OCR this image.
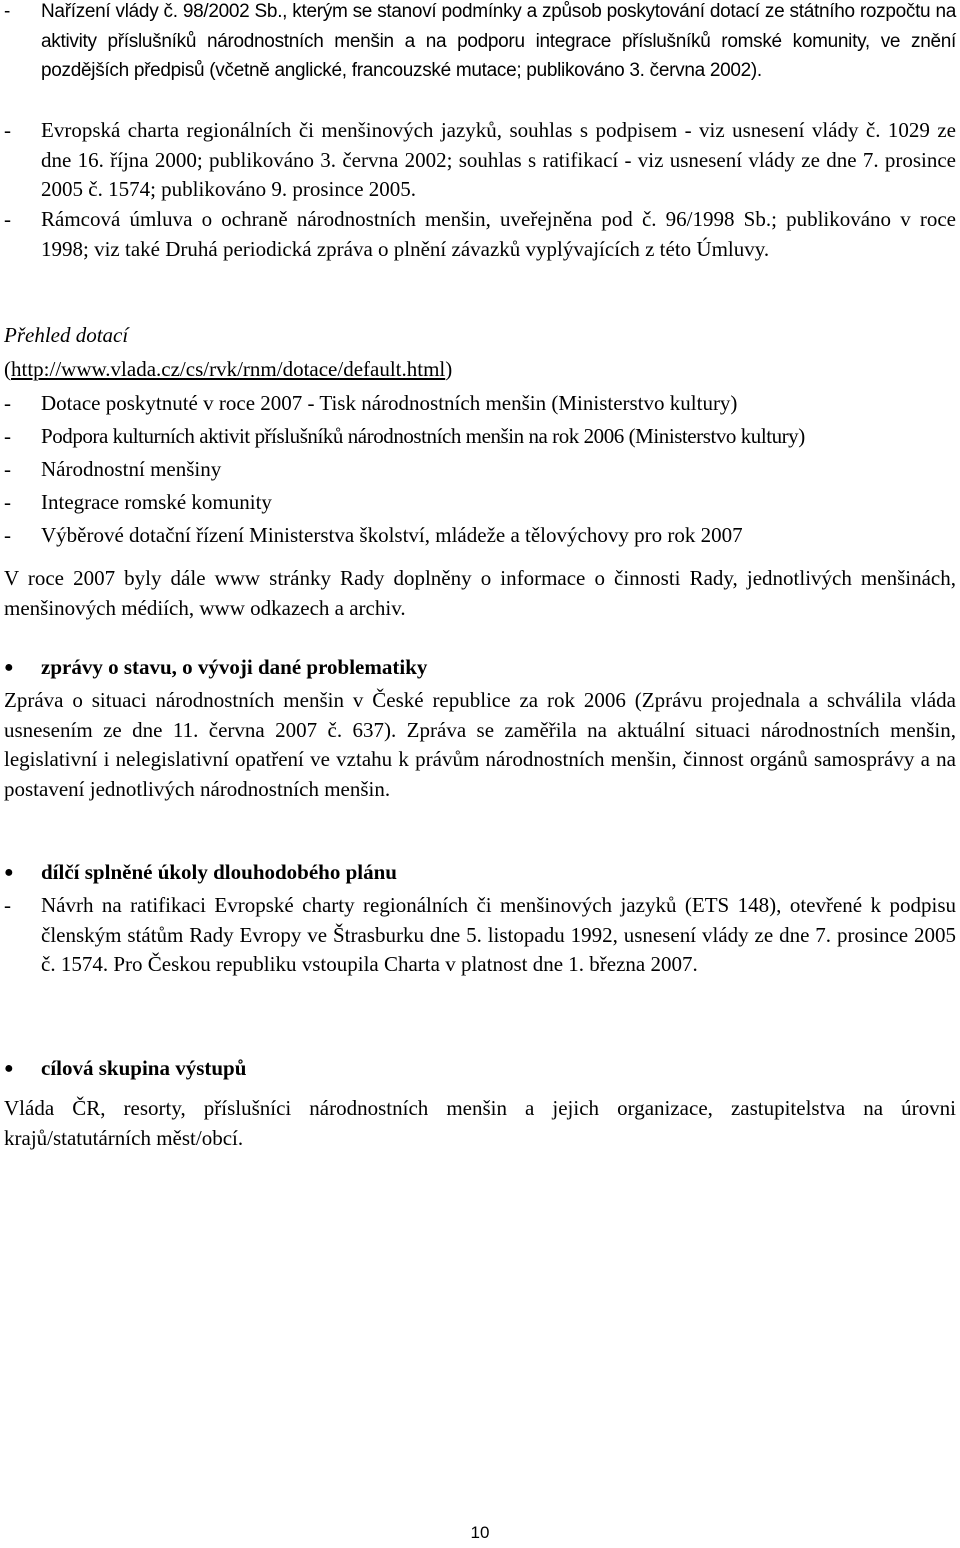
-	Nařízení vlády č. 98/2002 Sb., kterým se stanoví podmínky a způsob poskytování dotací ze státního rozpočtu na aktivity příslušníků národnostních menšin a na podporu integrace příslušníků romské komunity, ve znění pozdějších předpisů (včetně anglické, francouzské mutace; publikováno 3. června 2002).
-	Evropská charta regionálních či menšinových jazyků, souhlas s podpisem - viz usnesení vlády č. 1029 ze dne 16. října 2000; publikováno 3. června 2002; souhlas s ratifikací - viz usnesení vlády ze dne 7. prosince 2005 č. 1574; publikováno 9. prosince 2005.
-	Rámcová úmluva o ochraně národnostních menšin, uveřejněna pod č. 96/1998 Sb.; publikováno v roce 1998; viz také Druhá periodická zpráva o plnění závazků vyplývajících z této Úmluvy.
Přehled dotací
(http://www.vlada.cz/cs/rvk/rnm/dotace/default.html)
-	Dotace poskytnuté v roce 2007 - Tisk národnostních menšin (Ministerstvo kultury)
-	Podpora kulturních aktivit příslušníků národnostních menšin na rok 2006 (Ministerstvo kultury)
-	Národnostní menšiny
-	Integrace romské komunity
-	Výběrové dotační řízení Ministerstva školství, mládeže a tělovýchovy pro rok 2007
V roce 2007 byly dále www stránky Rady doplněny o informace o činnosti Rady, jednotlivých menšinách, menšinových médiích, www odkazech a archiv.
●	zprávy o stavu, o vývoji dané problematiky
Zpráva o situaci národnostních menšin v České republice za rok 2006 (Zprávu projednala a schválila vláda usnesením ze dne 11. června 2007 č. 637). Zpráva se zaměřila na aktuální situaci národnostních menšin, legislativní i nelegislativní opatření ve vztahu k právům národnostních menšin, činnost orgánů samosprávy a na postavení jednotlivých národnostních menšin.
●	dílčí splněné úkoly dlouhodobého plánu
-	Návrh na ratifikaci Evropské charty regionálních či menšinových jazyků (ETS 148), otevřené k podpisu členským státům Rady Evropy ve Štrasburku dne 5. listopadu 1992, usnesení vlády ze dne 7. prosince 2005 č. 1574. Pro Českou republiku vstoupila Charta v platnost dne 1. března 2007.
●	cílová skupina výstupů
Vláda ČR, resorty, příslušníci národnostních menšin a jejich organizace, zastupitelstva na úrovni krajů/statutárních měst/obcí.
10
